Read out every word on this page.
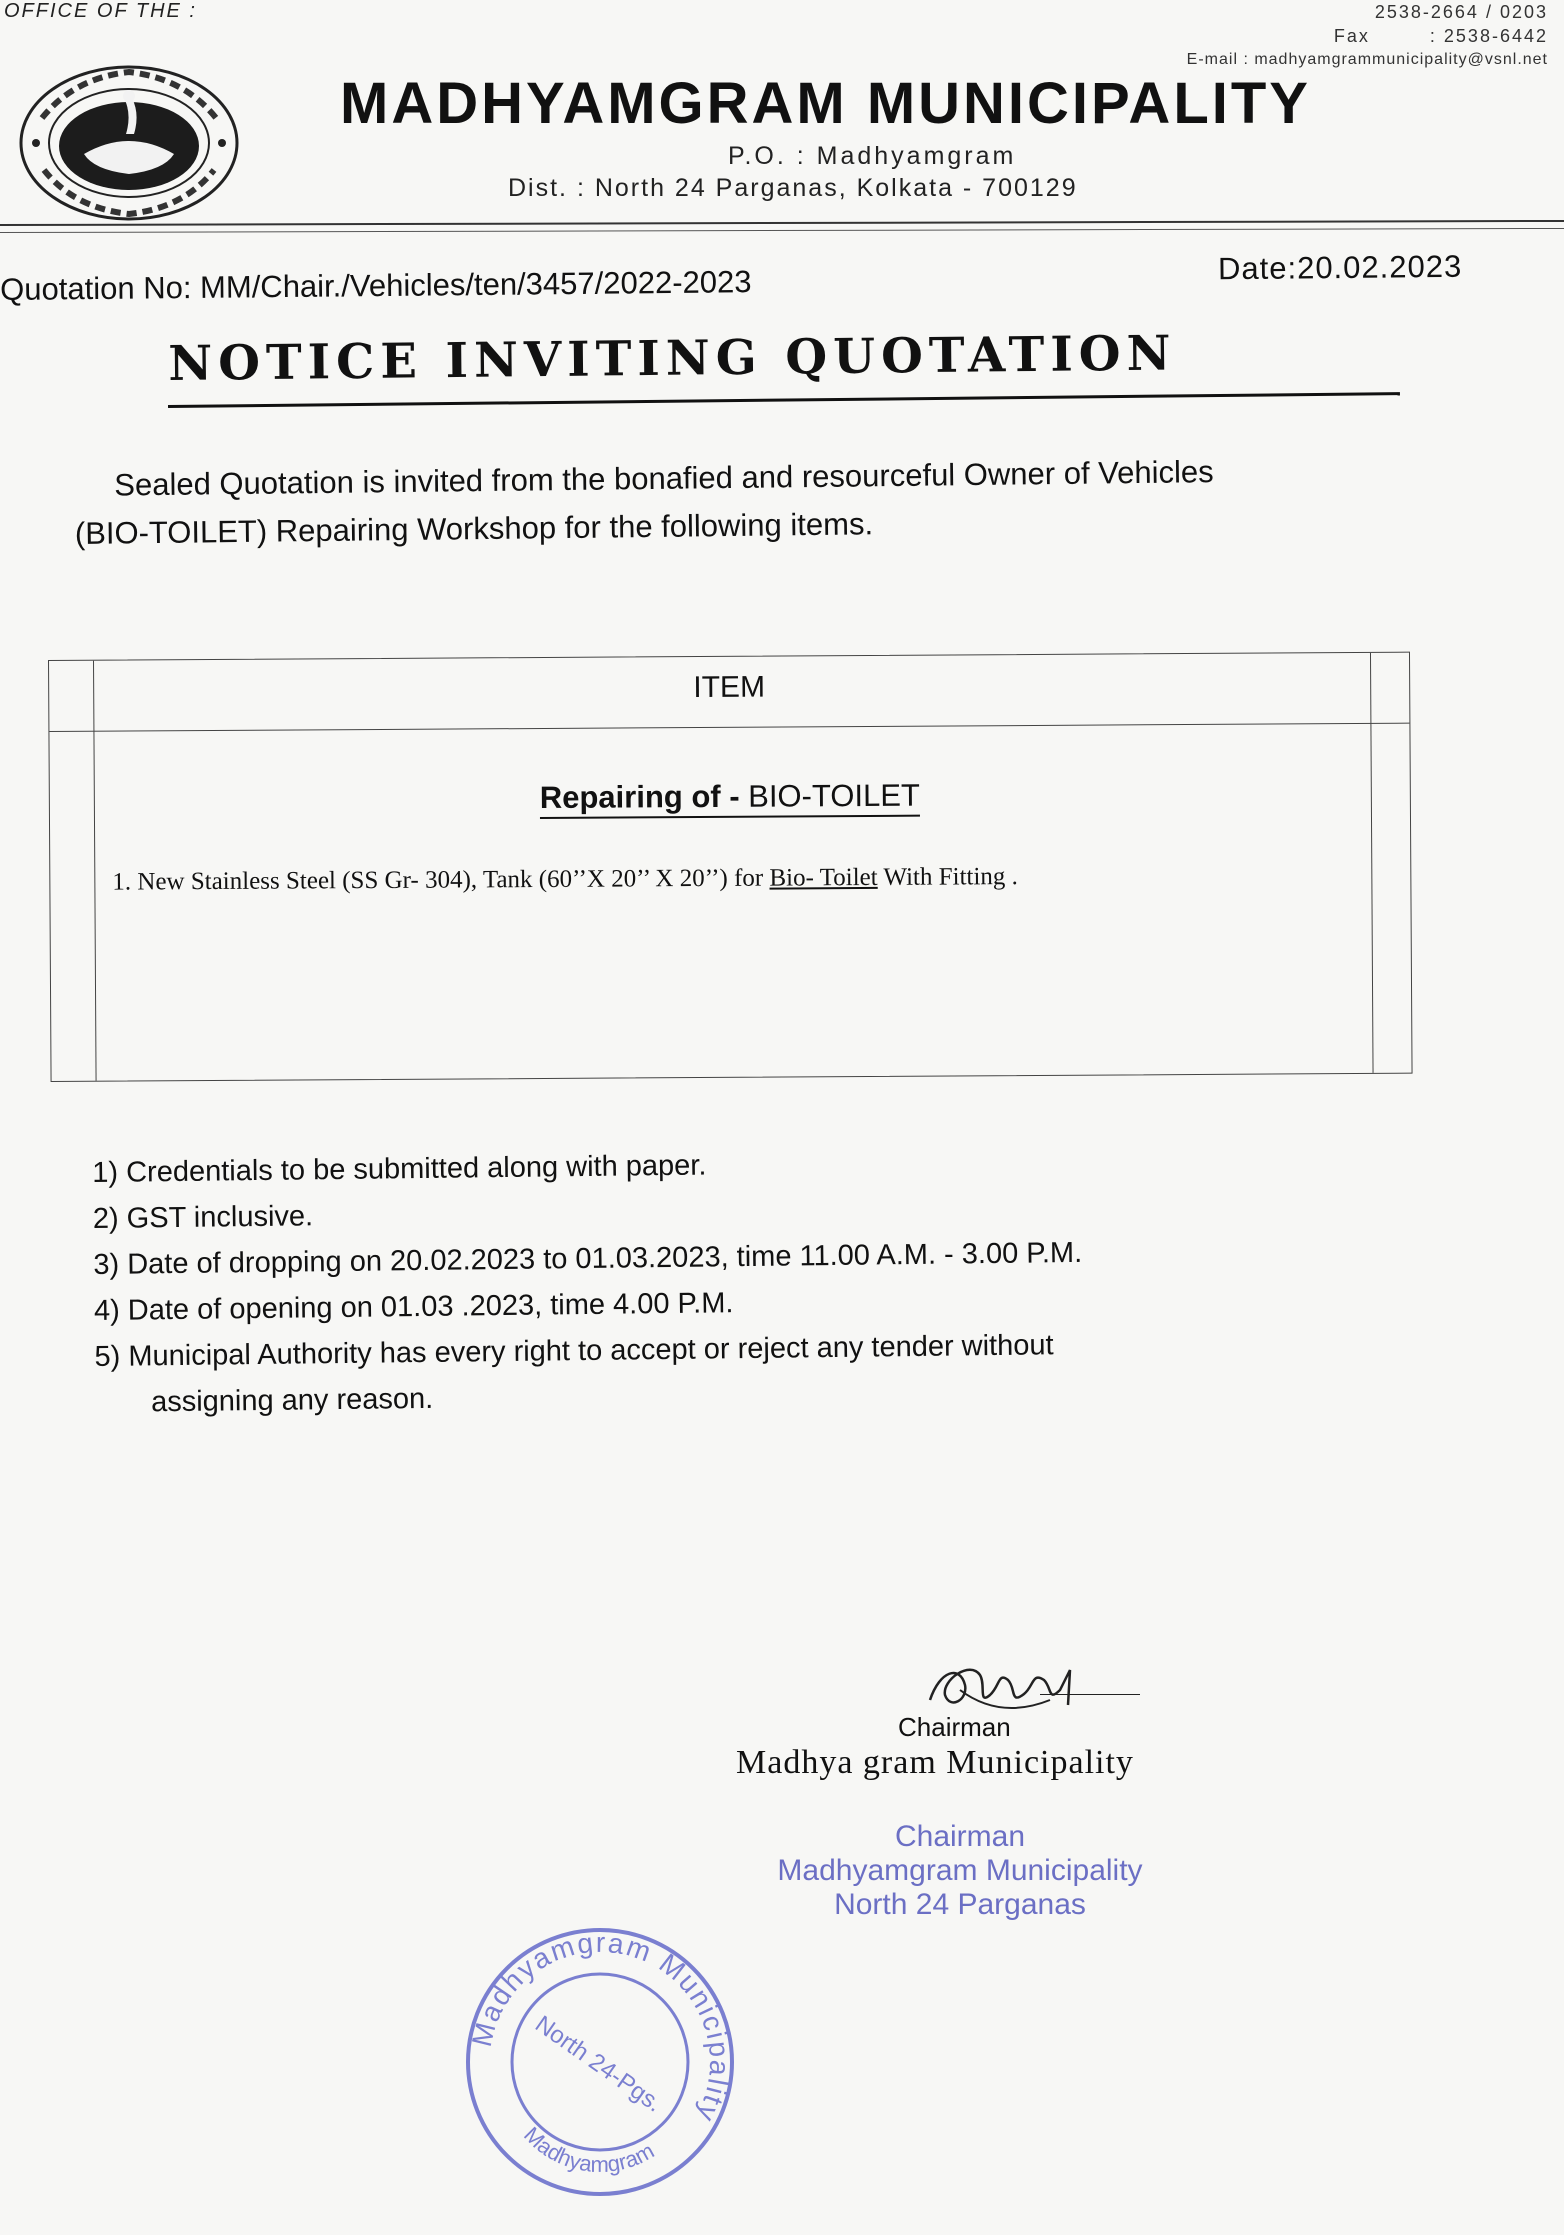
OFFICE OF THE :	2538-2664 / 0203
Fax	: 2538-6442
E-mail : madhyamgrammunicipality@vsnl.net
MADHYAMGRAM MUNICIPALITY
P.O. : Madhyamgram
Dist. : North 24 Parganas, Kolkata - 700129
Quotation No: MM/Chair./Vehicles/ten/3457/2022-2023	Date:20.02.2023
NOTICE INVITING QUOTATION
Sealed Quotation is invited from the bonafied and resourceful Owner of Vehicles
(BIO-TOILET) Repairing Workshop for the following items.
ITEM
Repairing of - BIO-TOILET
1. New Stainless Steel (SS Gr- 304), Tank (60’’X 20’’ X 20’’) for Bio- Toilet With Fitting .
1) Credentials to be submitted along with paper.
2) GST inclusive.
3) Date of dropping on 20.02.2023 to 01.03.2023, time 11.00 A.M. - 3.00 P.M.
4) Date of opening on 01.03 .2023, time 4.00 P.M.
5) Municipal Authority has every right to accept or reject any tender without
assigning any reason.
Chairman
Madhya gram Municipality
Chairman
Madhyamgram Municipality
North 24 Parganas
Madhyamgram Municipality
North 24-Pgs.
Madhyamgram
